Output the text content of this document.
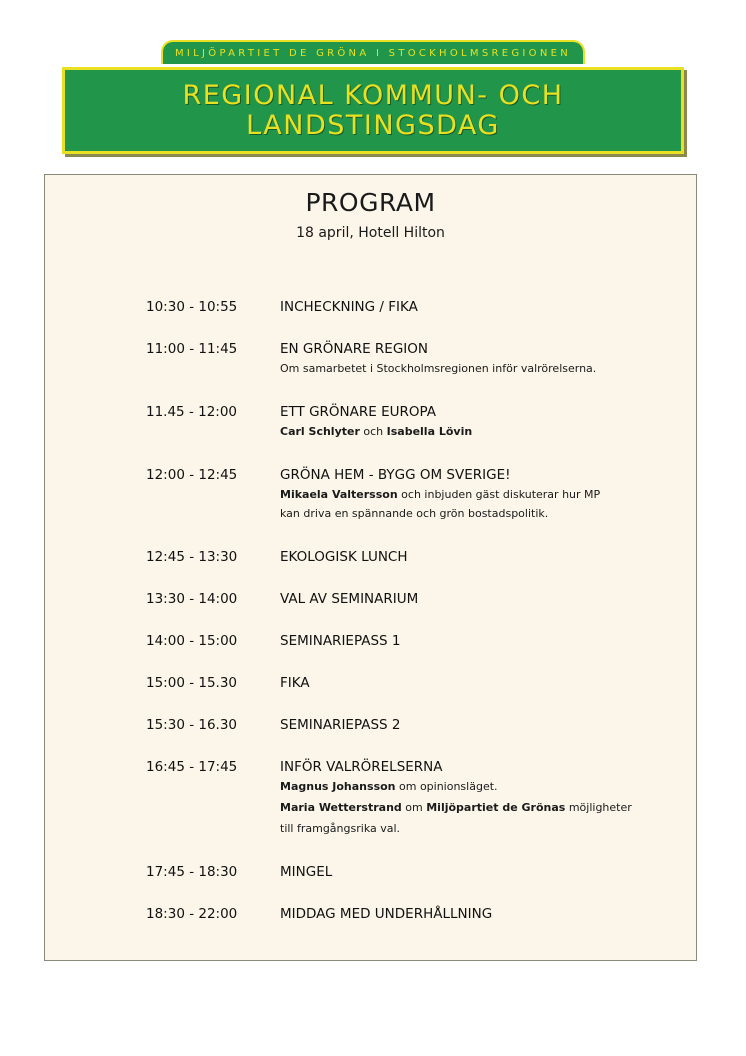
MILJÖPARTIET DE GRÖNA I STOCKHOLMSREGIONEN
REGIONAL KOMMUN- OCH
LANDSTINGSDAG
PROGRAM
18 april, Hotell Hilton
10:30 - 10:55	INCHECKNING / FIKA
11:00 - 11:45	EN GRÖNARE REGION
Om samarbetet i Stockholmsregionen inför valrörelserna.
11.45 - 12:00	ETT GRÖNARE EUROPA
Carl Schlyter och Isabella Lövin
12:00 - 12:45	GRÖNA HEM - BYGG OM SVERIGE!
Mikaela Valtersson och inbjuden gäst diskuterar hur MP
kan driva en spännande och grön bostadspolitik.
12:45 - 13:30	EKOLOGISK LUNCH
13:30 - 14:00	VAL AV SEMINARIUM
14:00 - 15:00	SEMINARIEPASS 1
15:00 - 15.30	FIKA
15:30 - 16.30	SEMINARIEPASS 2
16:45 - 17:45	INFÖR VALRÖRELSERNA
Magnus Johansson om opinionsläget.
Maria Wetterstrand om Miljöpartiet de Grönas möjligheter
till framgångsrika val.
17:45 - 18:30	MINGEL
18:30 - 22:00	MIDDAG MED UNDERHÅLLNING
